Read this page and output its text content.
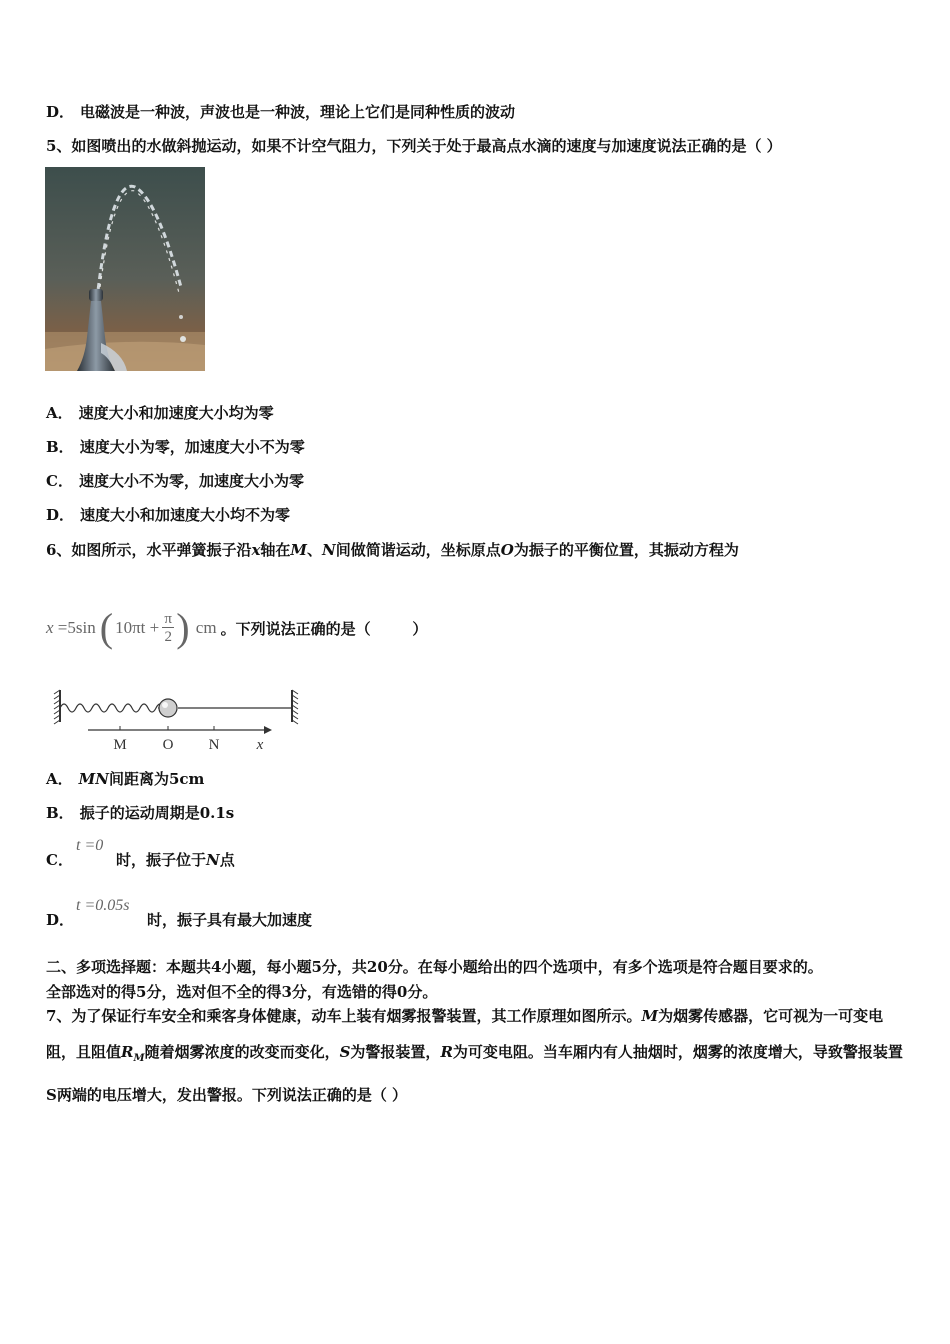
D． 电磁波是一种波，声波也是一种波，理论上它们是同种性质的波动
5、如图喷出的水做斜抛运动，如果不计空气阻力，下列关于处于最高点水滴的速度与加速度说法正确的是（ ）
A． 速度大小和加速度大小均为零
B． 速度大小为零，加速度大小不为零
C． 速度大小不为零，加速度大小为零
D． 速度大小和加速度大小均不为零
6、如图所示，水平弹簧振子沿x轴在M、N间做简谐运动，坐标原点O为振子的平衡位置，其振动方程为
x =5sin ( 10πt + π
2 ) cm 。下列说法正确的是（        ）
M O N x
A． MN间距离为5cm
B． 振子的运动周期是0.1s
C．
t =0
时，振子位于N点
D．
t =0.05s
时，振子具有最大加速度
二、多项选择题：本题共4小题，每小题5分，共20分。在每小题给出的四个选项中，有多个选项是符合题目要求的。
全部选对的得5分，选对但不全的得3分，有选错的得0分。
7、为了保证行车安全和乘客身体健康，动车上装有烟雾报警装置，其工作原理如图所示。M为烟雾传感器，它可视为一可变电阻，且阻值$R_M$随着烟雾浓度的改变而变化，S为警报装置，R为可变电阻。当车厢内有人抽烟时，烟雾的浓度增大，导致警报装置S两端的电压增大，发出警报。下列说法正确的是（ ）
